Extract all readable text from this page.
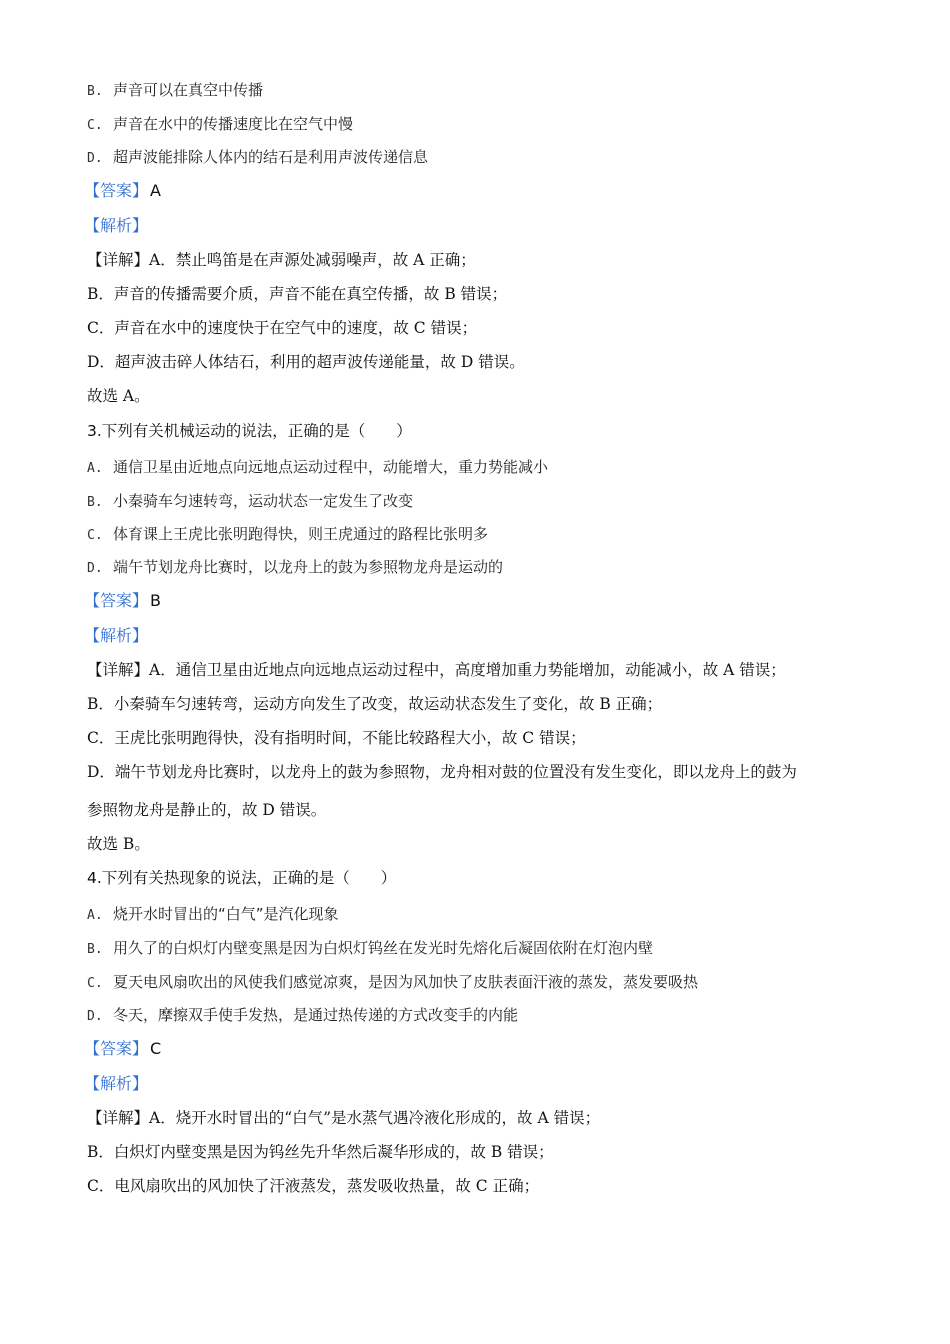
B. 声音可以在真空中传播
C. 声音在水中的传播速度比在空气中慢
D. 超声波能排除人体内的结石是利用声波传递信息
【答案】 A
【解析】
【详解】A．禁止鸣笛是在声源处减弱噪声，故 A 正确；
B．声音的传播需要介质，声音不能在真空传播，故 B 错误；
C．声音在水中的速度快于在空气中的速度，故 C 错误；
D．超声波击碎人体结石，利用的超声波传递能量，故 D 错误。
故选 A。
3.下列有关机械运动的说法，正确的是（　　）
A. 通信卫星由近地点向远地点运动过程中，动能增大，重力势能减小
B. 小秦骑车匀速转弯，运动状态一定发生了改变
C. 体育课上王虎比张明跑得快，则王虎通过的路程比张明多
D. 端午节划龙舟比赛时，以龙舟上的鼓为参照物龙舟是运动的
【答案】 B
【解析】
【详解】A．通信卫星由近地点向远地点运动过程中，高度增加重力势能增加，动能减小，故 A 错误；
B．小秦骑车匀速转弯，运动方向发生了改变，故运动状态发生了变化，故 B 正确；
C．王虎比张明跑得快，没有指明时间，不能比较路程大小，故 C 错误；
D．端午节划龙舟比赛时，以龙舟上的鼓为参照物，龙舟相对鼓的位置没有发生变化，即以龙舟上的鼓为
参照物龙舟是静止的，故 D 错误。
故选 B。
4.下列有关热现象的说法，正确的是（　　）
A. 烧开水时冒出的“白气”是汽化现象
B. 用久了的白炽灯内壁变黑是因为白炽灯钨丝在发光时先熔化后凝固依附在灯泡内壁
C. 夏天电风扇吹出的风使我们感觉凉爽，是因为风加快了皮肤表面汗液的蒸发，蒸发要吸热
D. 冬天，摩擦双手使手发热，是通过热传递的方式改变手的内能
【答案】 C
【解析】
【详解】A．烧开水时冒出的“白气”是水蒸气遇冷液化形成的，故 A 错误；
B．白炽灯内壁变黑是因为钨丝先升华然后凝华形成的，故 B 错误；
C．电风扇吹出的风加快了汗液蒸发，蒸发吸收热量，故 C 正确；
